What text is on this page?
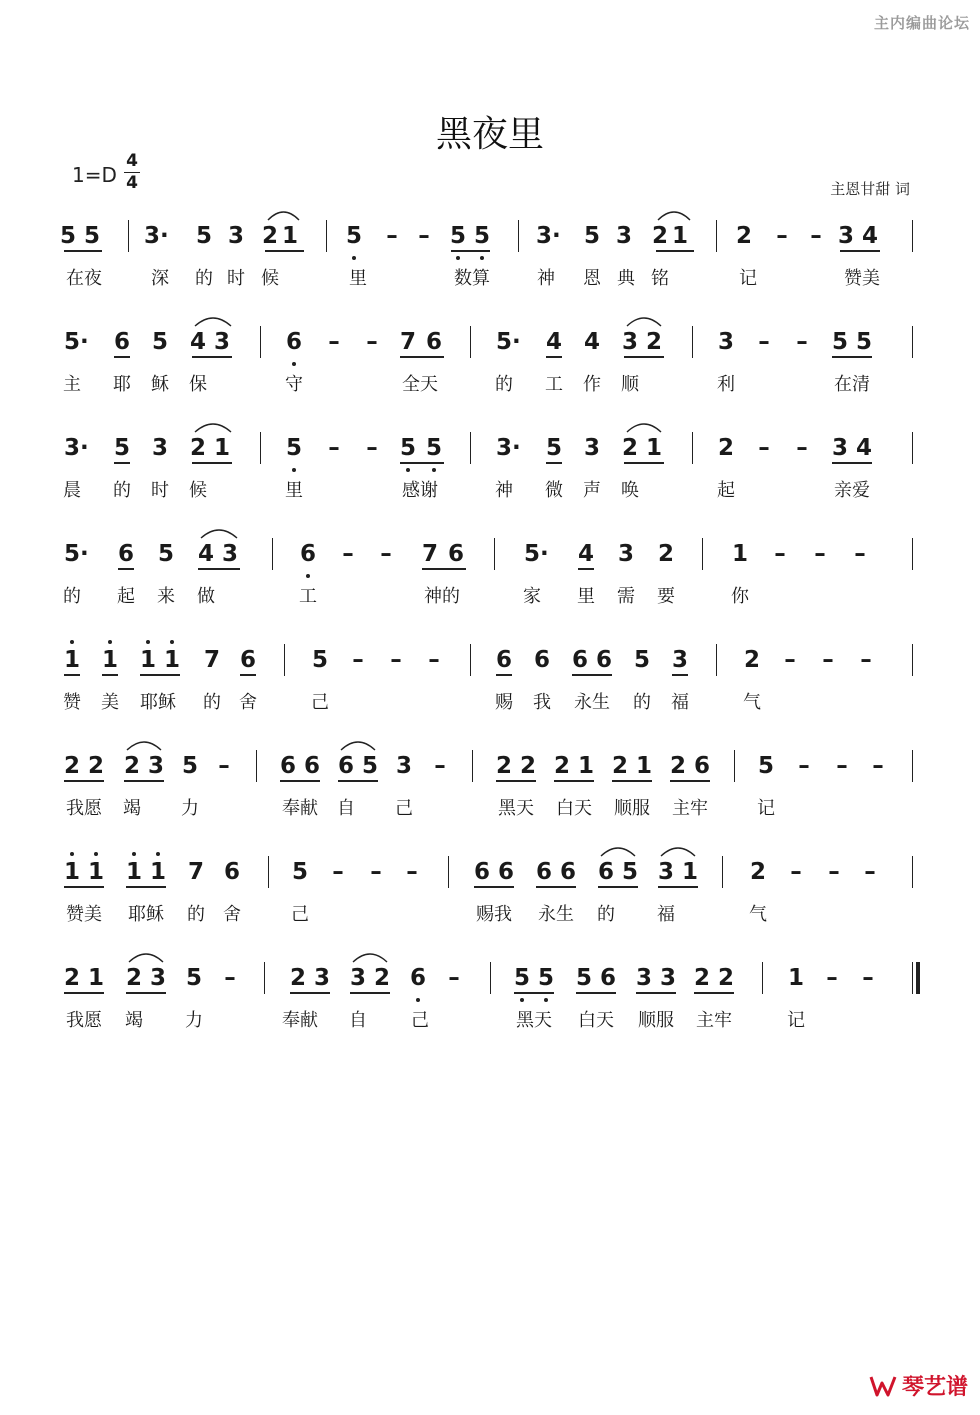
主内编曲论坛
黑夜里
1=D
4
4	主恩甘甜 词
5 5 3· 5 3 2 1 5 – – 5 5 3· 5 3 2 1 2 – – 3 4
在夜	深 的 时 候	里	数算	神 恩 典 铭	记	赞美
5· 6 5 4 3 6 – – 7 6 5· 4 4 3 2 3 – – 5 5
主 耶 稣 保	守	全天	的 工 作 顺	利	在清
3· 5 3 2 1 5 – – 5 5 3· 5 3 2 1 2 – – 3 4
晨 的 时 候	里	感谢	神 微 声 唤	起	亲爱
5· 6 5 4 3	6 – – 7 6	5· 4 3 2	1 – – –
的 起 来 做	工	神的	家 里 需 要	你
1 1 1 1 7 6 5 – – – 6 6 6 6 5 3 2 – – –
赞 美 耶稣 的 舍	己	赐 我 永生 的 福	气
2 2 2 3 5 – 6 6 6 5 3 – 2 2 2 1 2 1 2 6 5 – – –
我愿 竭 力	奉献 自 己	黑天 白天 顺服 主牢	记
1 1 1 1 7 6 5 – – – 6 6 6 6 6 5 3 1 2 – – –
赞美 耶稣 的 舍	己	赐我 永生 的 福	气
2 1 2 3 5 – 2 3 3 2 6 – 5 5 5 6 3 3 2 2 1 – –
我愿 竭 力	奉献 自 己	黑天 白天 顺服 主牢	记
琴艺谱
